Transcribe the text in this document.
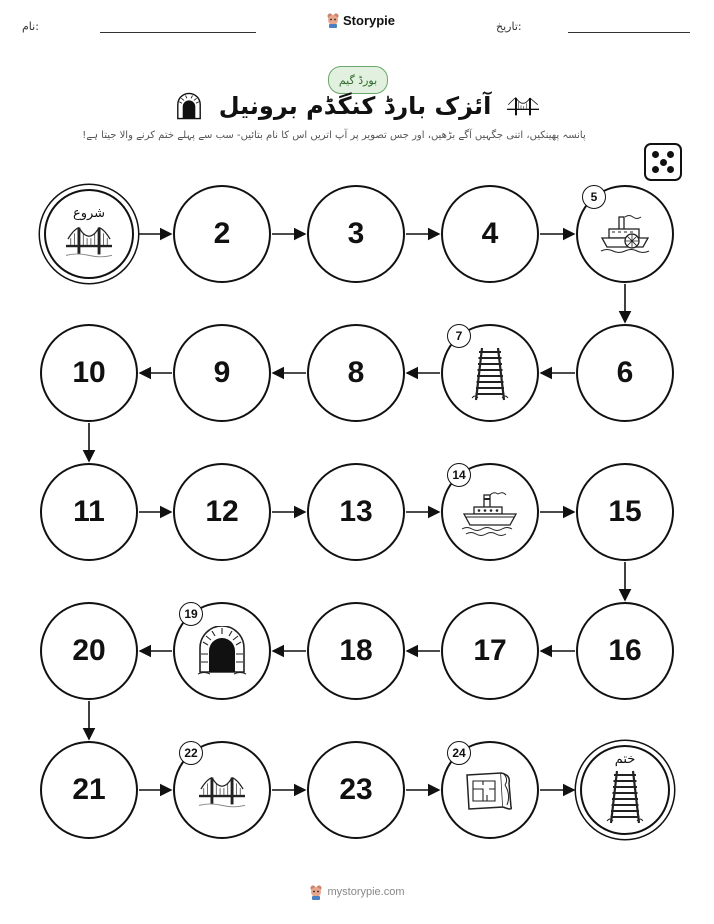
نام:	Storypie	تاریخ:
بورڈ گیم
آئزک بارڈ کنگڈم برونیل
پانسہ پھینکیں، اتنی جگہیں آگے بڑھیں، اور جس تصویر پر آپ اتریں اس کا نام بتائیں- سب سے پہلے ختم کرنے والا جیتا ہے!
شروع
2	3	4
5
6
7
8
9
10
11	12	13
14
15
16
17
18
19
20
21
22
23
24	ختم
mystorypie.com
